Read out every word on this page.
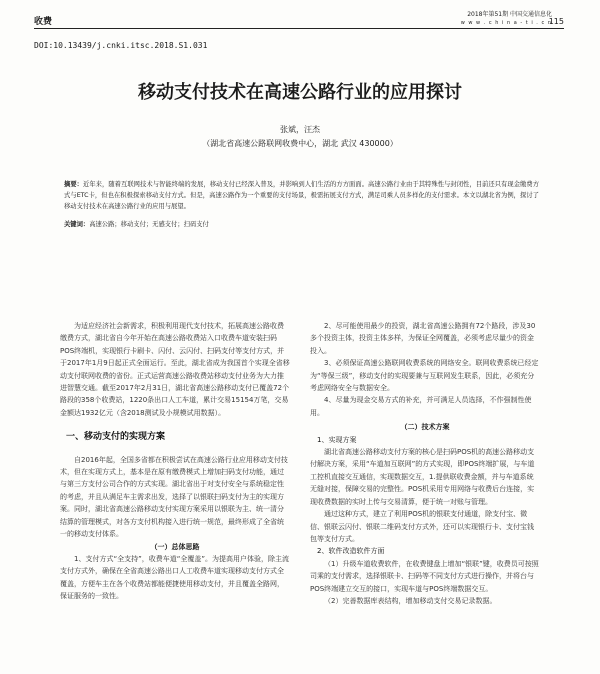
收费
2018年第51期 中国交通信息化
w w w . c h i n a - t i . c n
115
DOI:10.13439/j.cnki.itsc.2018.S1.031
移动支付技术在高速公路行业的应用探讨
张斌，汪杰
（湖北省高速公路联网收费中心，湖北 武汉 430000）
摘要：近年来，随着互联网技术与智能终端的发展，移动支付已经深入普及，并影响到人们生活的方方面面。高速公路行业由于其特殊性与封闭性，目前还只有现金缴费方式与ETC卡，但也在积极探索移动支付方式。但是，高速公路作为一个重要的支付场景，极需拓展支付方式，满足司乘人员多样化的支付需求。本文以湖北省为例，探讨了移动支付技术在高速公路行业的应用与展望。
关键词：高速公路；移动支付；无感支付；扫码支付

为适应经济社会新需求，积极利用现代支付技术，拓展高速公路收费缴费方式，湖北省自今年开始在高速公路收费站入口收费车道安装扫码POS终端机，实现银行卡刷卡、闪付、云闪付、扫码支付等支付方式，并于2017年1月9日起正式全面运行。至此，湖北省成为我国首个实现全省移动支付联网收费的省份。正式运营高速公路收费站移动支付业务为大力推进智慧交通。截至2017年2月31日，湖北省高速公路移动支付已覆盖72个路段的358个收费站，1220条出口人工车道，累计交易15154万笔，交易金额达1932亿元（含2018测试及小规模试用数据）。

一、移动支付的实现方案

自2016年起，全国多省都在积极尝试在高速公路行业应用移动支付技术，但在实现方式上，基本是在原有缴费模式上增加扫码支付功能，通过与第三方支付公司合作的方式实现。湖北省出于对支付安全与系统稳定性的考虑，并且从满足车主需求出发，选择了以银联扫码支付为主的实现方案。同时，湖北省高速公路移动支付实现方案采用以银联为主、统一清分结算的管理模式，对各方支付机构接入进行统一规范，最终形成了全省统一的移动支付体系。

（一）总体思路

1、支付方式“全支持”，收费车道“全覆盖”。为提高用户体验，除主流支付方式外，确保在全省高速公路出口人工收费车道实现移动支付方式全覆盖，方便车主在各个收费站都能便捷使用移动支付，并且覆盖全路网，保证服务的一致性。

2、尽可能使用最少的投资，湖北省高速公路拥有72个路段，涉及30多个投资主体，投资主体多样，为保证全网覆盖，必须考虑尽量少的资金投入。

3、必须保证高速公路联网收费系统的网络安全。联网收费系统已经定为“等保三级”，移动支付的实现要兼与互联网发生联系，因此，必须充分考虑网络安全与数据安全。

4、尽量为现金交易方式的补充，并可满足人员选择，不作强制性使用。

（二）技术方案
1、实现方案

湖北省高速公路移动支付方案的核心是扫码POS机的高速公路移动支付解决方案，采用“车道加互联网”的方式实现，即POS终端扩展，与车道工控机直接交互通信，实现数据交互，1.提供联收费金额，并与车道系统无缝对接，保障交易的完整性。POS机采用专用网络与收费后台连接，实现收费数据的实时上传与交易清算，便于统一对账与管理。

通过这种方式，建立了利用POS机的银联支付通道，除支付宝、微信、银联云闪付、银联二维码支付方式外，还可以实现银行卡、支付宝钱包等支付方式。

2、软件改造软件方面

（1）升级车道收费软件，在收费键盘上增加“银联”键，收费员可按照司乘的支付需求，选择银联卡、扫码等不同支付方式进行操作，并将台与POS终端建立交互的接口，实现车道与POS终端数据交互。

（2）完善数据库表结构，增加移动支付交易记录数据。
